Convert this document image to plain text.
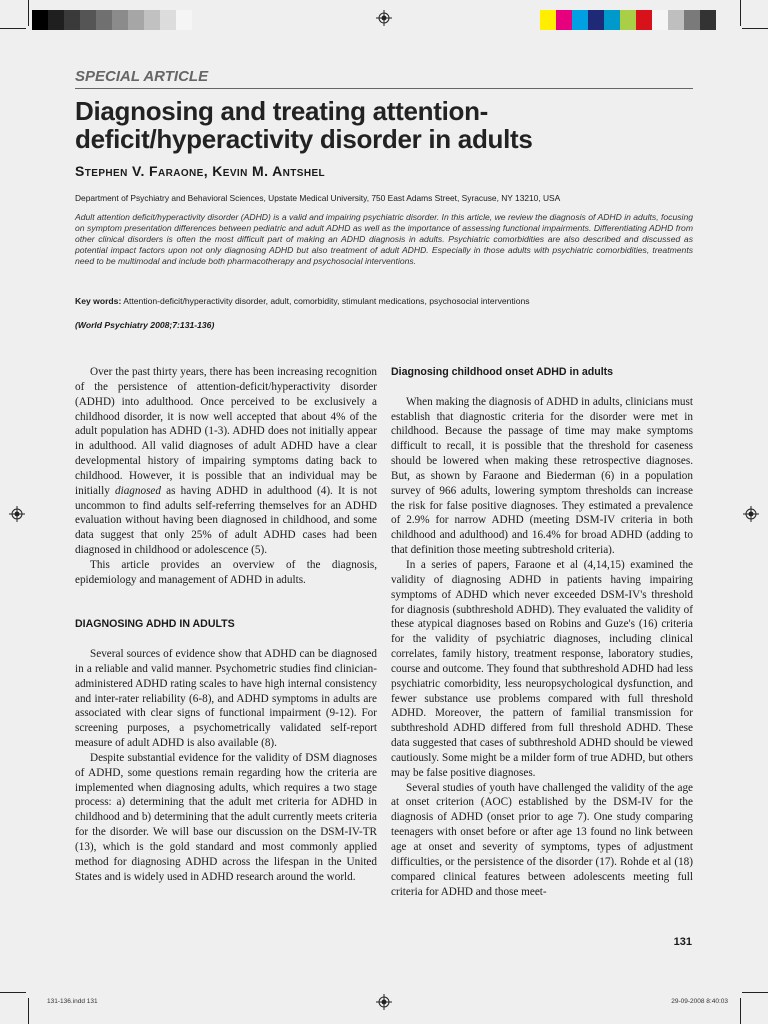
SPECIAL ARTICLE
Diagnosing and treating attention-deficit/hyperactivity disorder in adults
Stephen V. Faraone, Kevin M. Antshel
Department of Psychiatry and Behavioral Sciences, Upstate Medical University, 750 East Adams Street, Syracuse, NY 13210, USA
Adult attention deficit/hyperactivity disorder (ADHD) is a valid and impairing psychiatric disorder. In this article, we review the diagnosis of ADHD in adults, focusing on symptom presentation differences between pediatric and adult ADHD as well as the importance of assessing functional impairments. Differentiating ADHD from other clinical disorders is often the most difficult part of making an ADHD diagnosis in adults. Psychiatric comorbidities are also described and discussed as potential impact factors upon not only diagnosing ADHD but also treatment of adult ADHD. Especially in those adults with psychiatric comorbidities, treatments need to be multimodal and include both pharmacotherapy and psychosocial interventions.
Key words: Attention-deficit/hyperactivity disorder, adult, comorbidity, stimulant medications, psychosocial interventions
(World Psychiatry 2008;7:131-136)

Over the past thirty years, there has been increasing recognition of the persistence of attention-deficit/hyperactivity disorder (ADHD) into adulthood. Once perceived to be exclusively a childhood disorder, it is now well accepted that about 4% of the adult population has ADHD (1-3). ADHD does not initially appear in adulthood. All valid diagnoses of adult ADHD have a clear developmental history of impairing symptoms dating back to childhood. However, it is possible that an individual may be initially diagnosed as having ADHD in adulthood (4). It is not uncommon to find adults self-referring themselves for an ADHD evaluation without having been diagnosed in childhood, and some data suggest that only 25% of adult ADHD cases had been diagnosed in childhood or adolescence (5).

This article provides an overview of the diagnosis, epidemiology and management of ADHD in adults.

DIAGNOSING ADHD IN ADULTS

Several sources of evidence show that ADHD can be diagnosed in a reliable and valid manner. Psychometric studies find clinician-administered ADHD rating scales to have high internal consistency and inter-rater reliability (6-8), and ADHD symptoms in adults are associated with clear signs of functional impairment (9-12). For screening purposes, a psychometrically validated self-report measure of adult ADHD is also available (8).

Despite substantial evidence for the validity of DSM diagnoses of ADHD, some questions remain regarding how the criteria are implemented when diagnosing adults, which requires a two stage process: a) determining that the adult met criteria for ADHD in childhood and b) determining that the adult currently meets criteria for the disorder. We will base our discussion on the DSM-IV-TR (13), which is the gold standard and most commonly applied method for diagnosing ADHD across the lifespan in the United States and is widely used in ADHD research around the world.

Diagnosing childhood onset ADHD in adults

When making the diagnosis of ADHD in adults, clinicians must establish that diagnostic criteria for the disorder were met in childhood. Because the passage of time may make symptoms difficult to recall, it is possible that the threshold for caseness should be lowered when making these retrospective diagnoses. But, as shown by Faraone and Biederman (6) in a population survey of 966 adults, lowering symptom thresholds can increase the risk for false positive diagnoses. They estimated a prevalence of 2.9% for narrow ADHD (meeting DSM-IV criteria in both childhood and adulthood) and 16.4% for broad ADHD (adding to that definition those meeting subtreshold criteria).

In a series of papers, Faraone et al (4,14,15) examined the validity of diagnosing ADHD in patients having impairing symptoms of ADHD which never exceeded DSM-IV's threshold for diagnosis (subthreshold ADHD). They evaluated the validity of these atypical diagnoses based on Robins and Guze's (16) criteria for the validity of psychiatric diagnoses, including clinical correlates, family history, treatment response, laboratory studies, course and outcome. They found that subthreshold ADHD had less psychiatric comorbidity, less neuropsychological dysfunction, and fewer substance use problems compared with full threshold ADHD. Moreover, the pattern of familial transmission for subthreshold ADHD differed from full threshold ADHD. These data suggested that cases of subthreshold ADHD should be viewed cautiously. Some might be a milder form of true ADHD, but others may be false positive diagnoses.

Several studies of youth have challenged the validity of the age at onset criterion (AOC) established by the DSM-IV for the diagnosis of ADHD (onset prior to age 7). One study comparing teenagers with onset before or after age 13 found no link between age at onset and severity of symptoms, types of adjustment difficulties, or the persistence of the disorder (17). Rohde et al (18) compared clinical features between adolescents meeting full criteria for ADHD and those meet-

131
131-136.indd 131	29-09-2008 8:40:03
